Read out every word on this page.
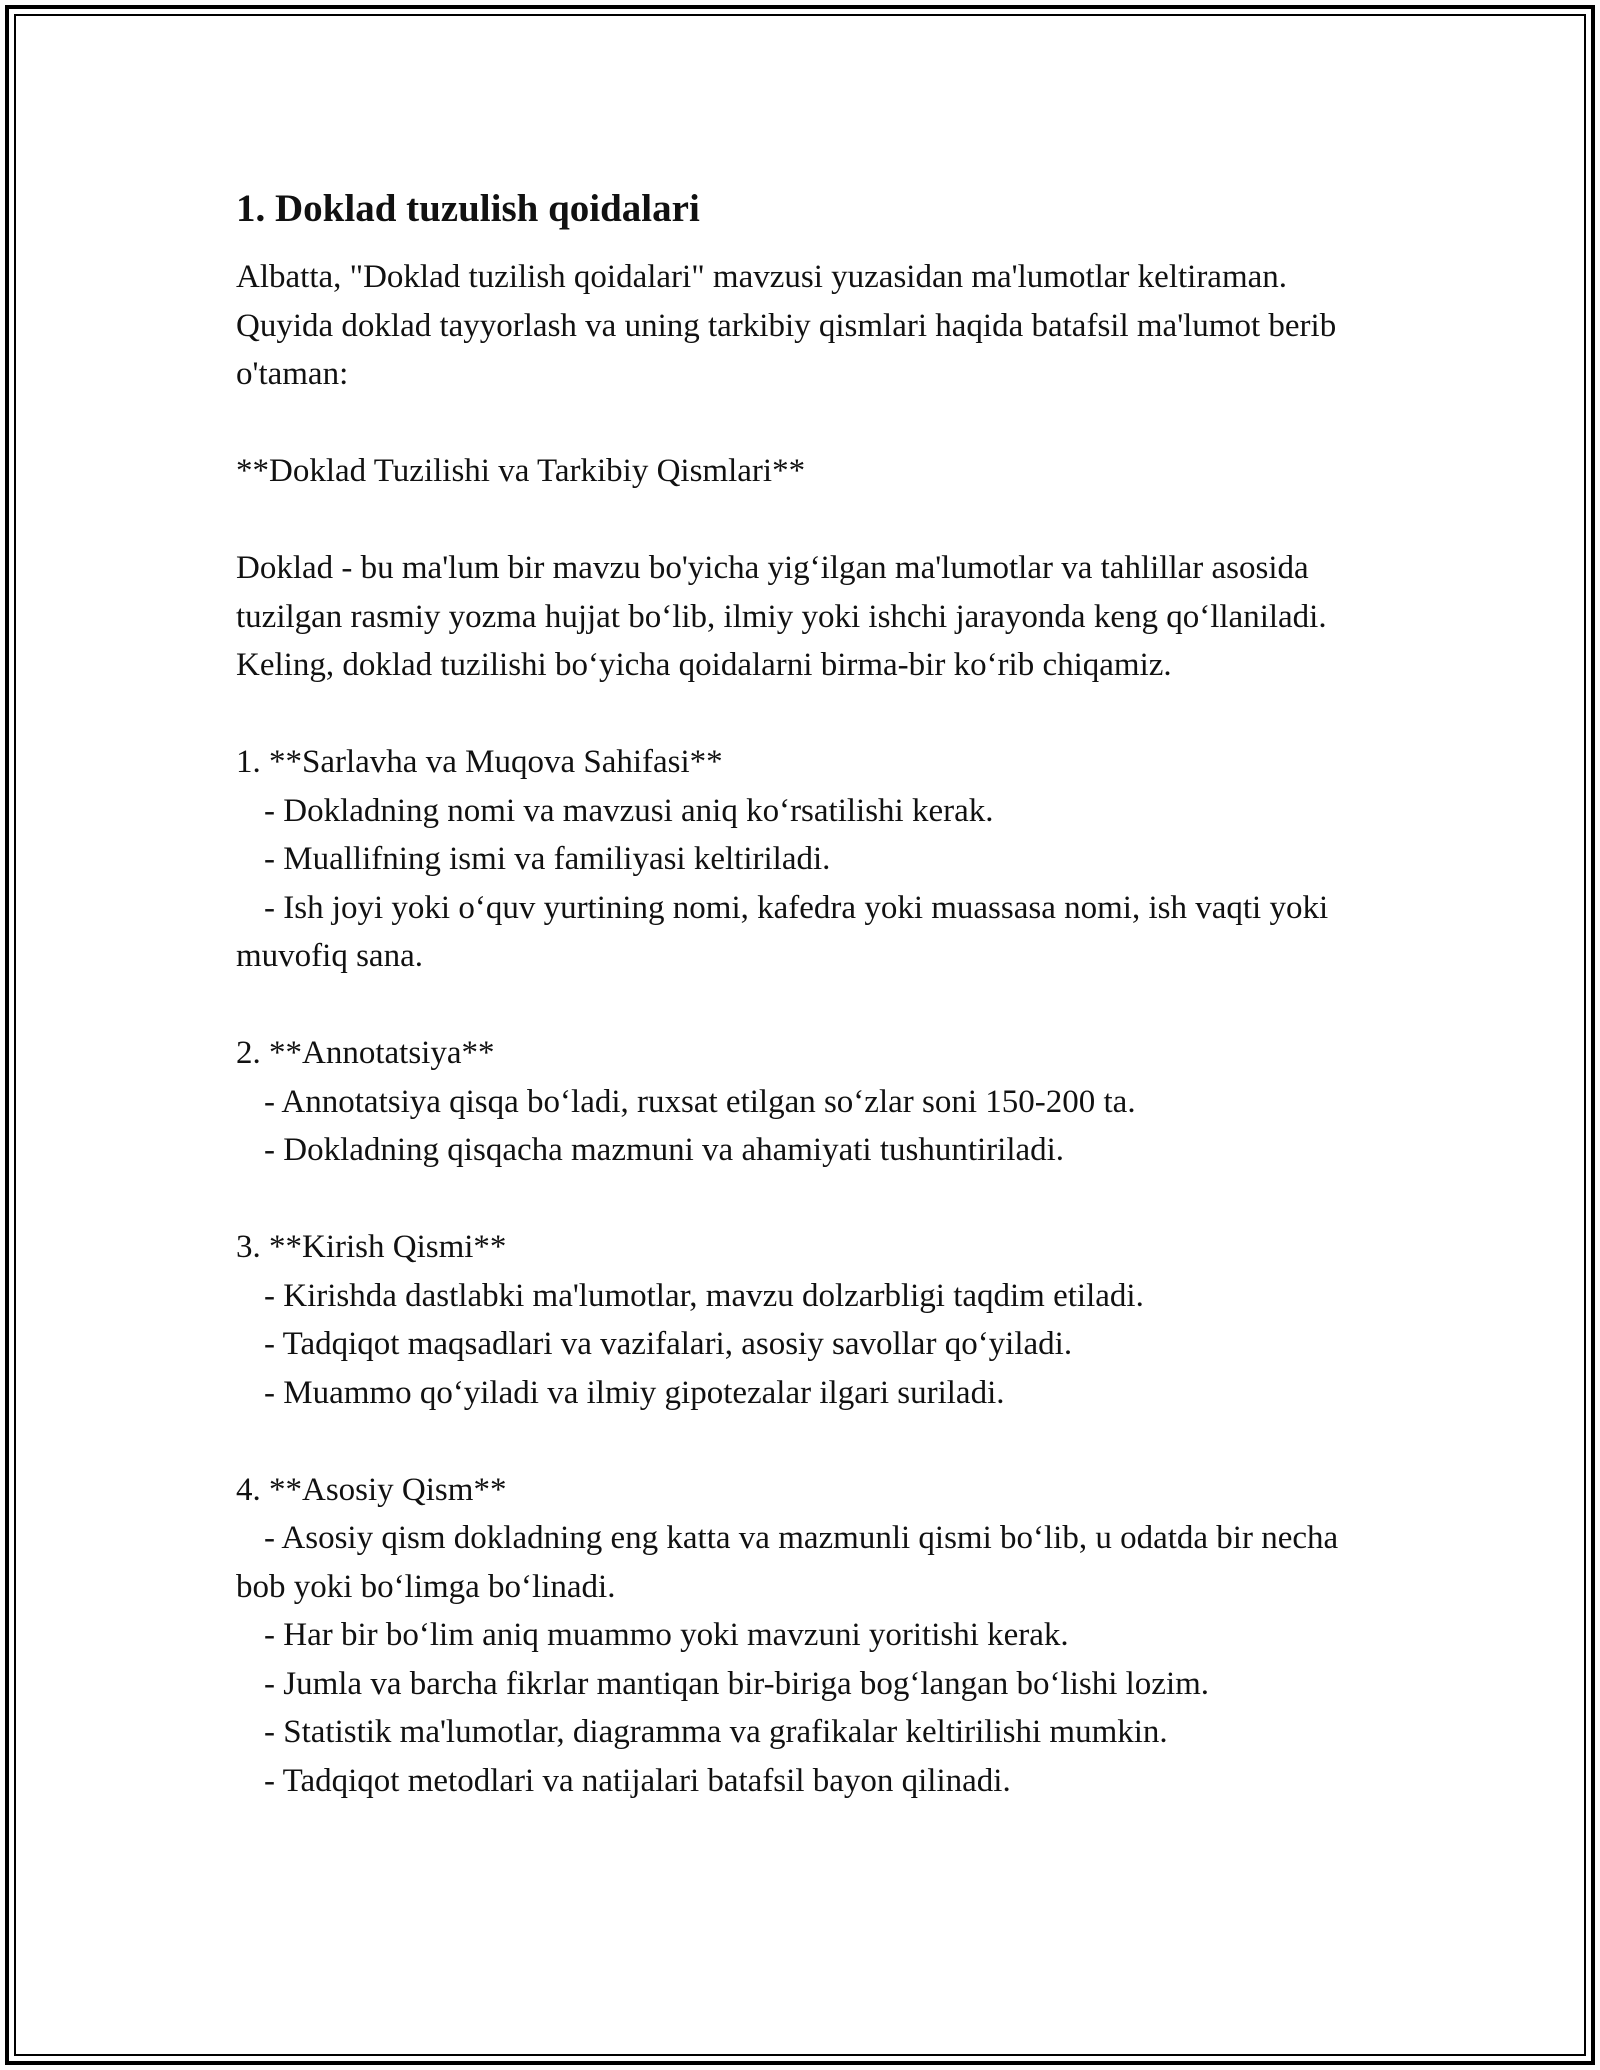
1. Doklad tuzulish qoidalari

Albatta, "Doklad tuzilish qoidalari" mavzusi yuzasidan ma'lumotlar keltiraman. Quyida doklad tayyorlash va uning tarkibiy qismlari haqida batafsil ma'lumot berib o'taman:

**Doklad Tuzilishi va Tarkibiy Qismlari**

Doklad - bu ma'lum bir mavzu bo'yicha yig‘ilgan ma'lumotlar va tahlillar asosida tuzilgan rasmiy yozma hujjat bo‘lib, ilmiy yoki ishchi jarayonda keng qo‘llaniladi. Keling, doklad tuzilishi bo‘yicha qoidalarni birma-bir ko‘rib chiqamiz.

1. **Sarlavha va Muqova Sahifasi**

- Dokladning nomi va mavzusi aniq ko‘rsatilishi kerak.

- Muallifning ismi va familiyasi keltiriladi.

- Ish joyi yoki o‘quv yurtining nomi, kafedra yoki muassasa nomi, ish vaqti yoki muvofiq sana.

2. **Annotatsiya**

- Annotatsiya qisqa bo‘ladi, ruxsat etilgan so‘zlar soni 150-200 ta.

- Dokladning qisqacha mazmuni va ahamiyati tushuntiriladi.

3. **Kirish Qismi**

- Kirishda dastlabki ma'lumotlar, mavzu dolzarbligi taqdim etiladi.

- Tadqiqot maqsadlari va vazifalari, asosiy savollar qo‘yiladi.

- Muammo qo‘yiladi va ilmiy gipotezalar ilgari suriladi.

4. **Asosiy Qism**

- Asosiy qism dokladning eng katta va mazmunli qismi bo‘lib, u odatda bir necha bob yoki bo‘limga bo‘linadi.

- Har bir bo‘lim aniq muammo yoki mavzuni yoritishi kerak.

- Jumla va barcha fikrlar mantiqan bir-biriga bog‘langan bo‘lishi lozim.

- Statistik ma'lumotlar, diagramma va grafikalar keltirilishi mumkin.

- Tadqiqot metodlari va natijalari batafsil bayon qilinadi.
